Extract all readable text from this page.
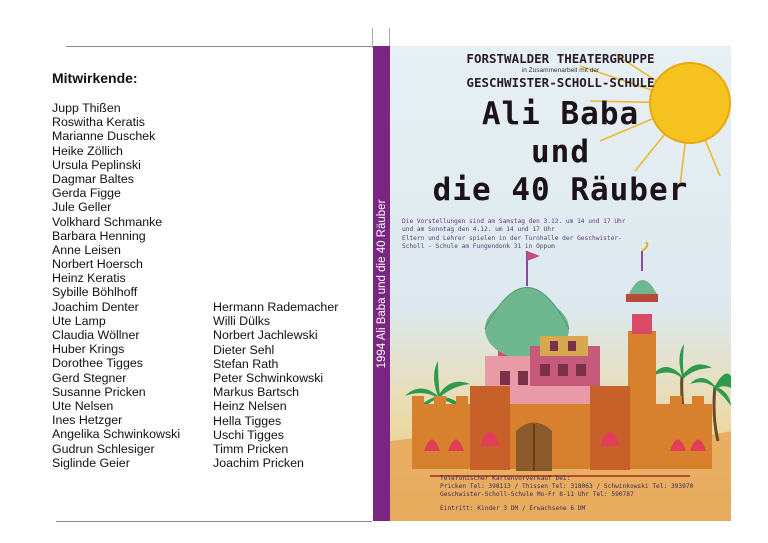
Mitwirkende:
Jupp Thißen
Roswitha Keratis
Marianne Duschek
Heike Zöllich
Ursula Peplinski
Dagmar Baltes
Gerda Figge
Jule Geller
Volkhard Schmanke
Barbara Henning
Anne Leisen
Norbert Hoersch
Heinz Keratis
Sybille Böhlhoff
Joachim Denter
Ute Lamp
Claudia Wöllner
Huber Krings
Dorothee Tigges
Gerd Stegner
Susanne Pricken
Ute Nelsen
Ines Hetzger
Angelika Schwinkowski
Gudrun Schlesiger
Siglinde Geier
Hermann Rademacher
Willi Dülks
Norbert Jachlewski
Dieter Sehl
Stefan Rath
Peter Schwinkowski
Markus Bartsch
Heinz Nelsen
Hella Tigges
Uschi Tigges
Timm Pricken
Joachim Pricken
1994 Ali Baba und die 40 Räuber
FORSTWALDER THEATERGRUPPE
in Zusammenarbeit mit der
GESCHWISTER-SCHOLL-SCHULE
Ali Baba
und
die 40 Räuber
Die Vorstellungen sind am Samstag den 3.12. um 14 und 17 Uhr
und am Sonntag den 4.12. um 14 und 17 Uhr
Eltern und Lehrer spielen in der Turnhalle der Geschwister-
Scholl - Schule am Fungendonk 31 in Oppum
Telefonischer Kartenvorverkauf bei:
Pricken Tel: 398113 / Thissen Tel: 318063 / Schwinkowski Tel: 393970
Geschwister-Scholl-Schule Mo-Fr 8-11 Uhr Tel: 590787
Eintritt: Kinder 3 DM / Erwachsene 6 DM
